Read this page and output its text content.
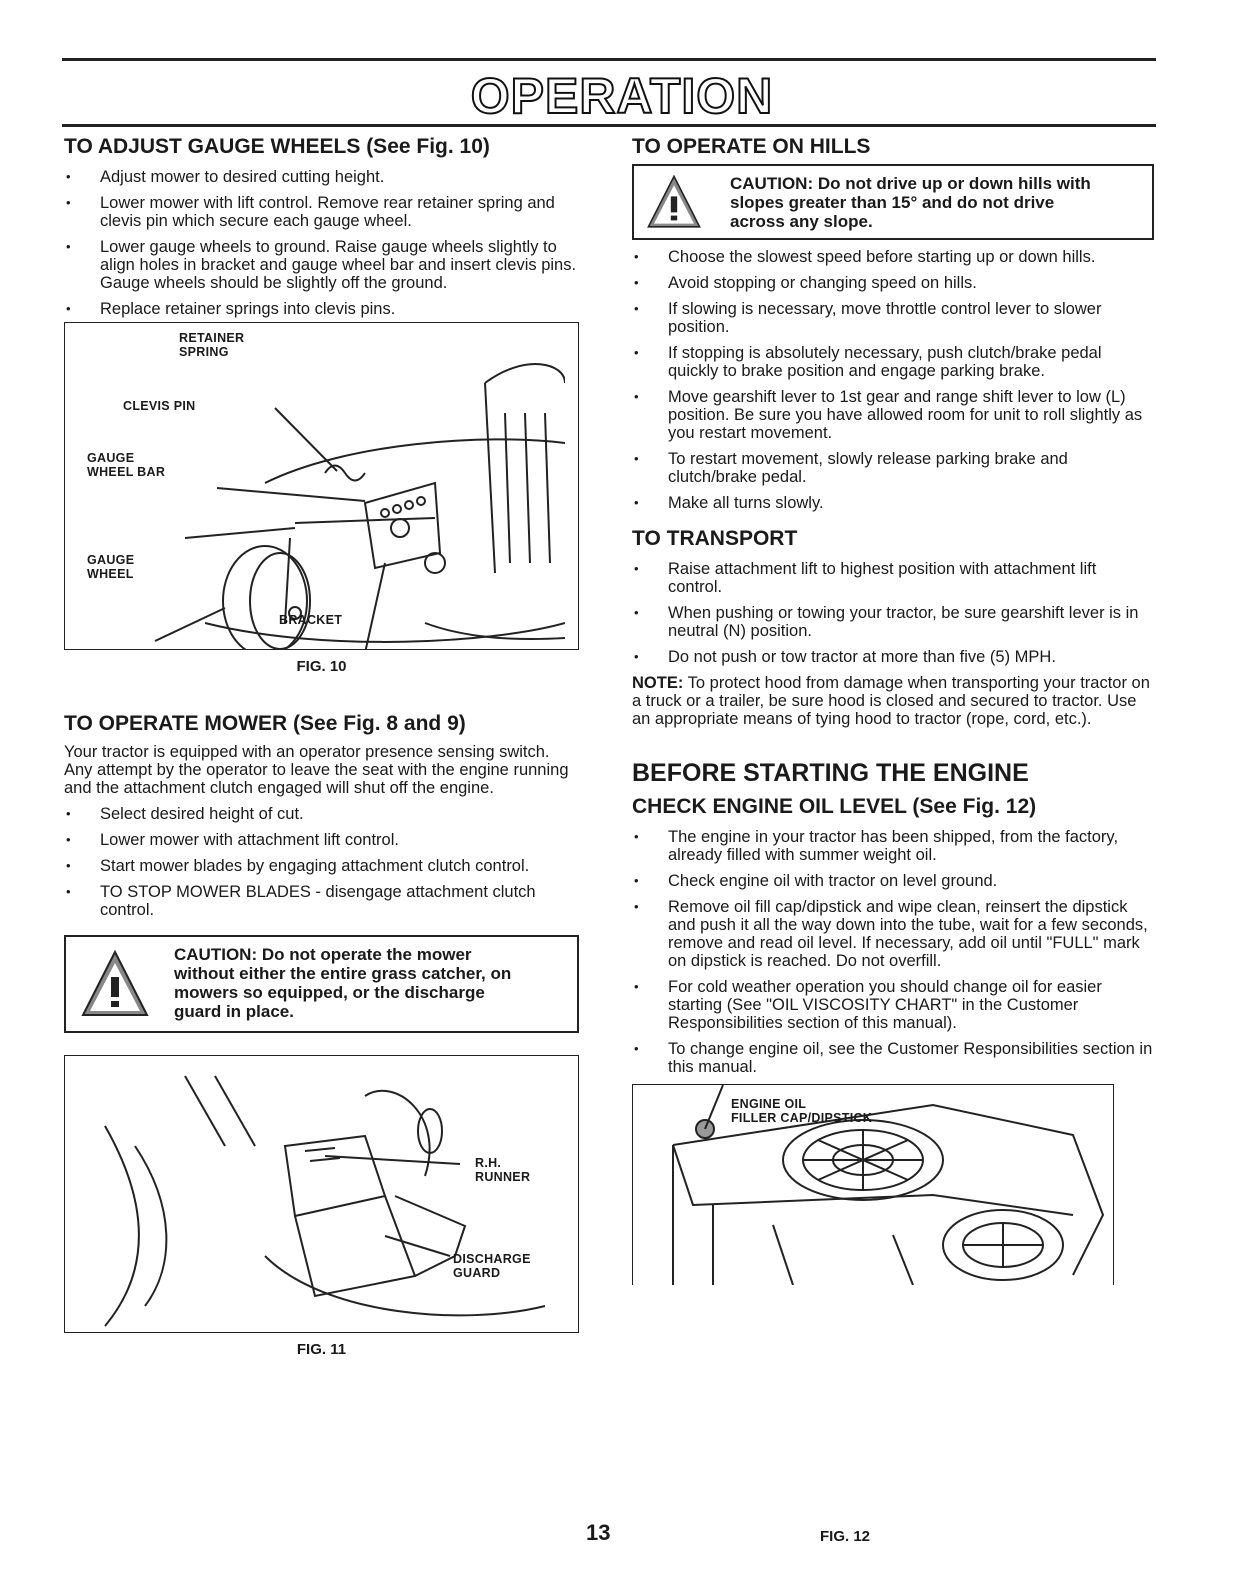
OPERATION
TO ADJUST GAUGE WHEELS (See Fig. 10)
• Adjust mower to desired cutting height.
• Lower mower with lift control. Remove rear retainer spring and clevis pin which secure each gauge wheel.
• Lower gauge wheels to ground. Raise gauge wheels slightly to align holes in bracket and gauge wheel bar and insert clevis pins. Gauge wheels should be slightly off the ground.
• Replace retainer springs into clevis pins.
RETAINER
SPRING
CLEVIS PIN
GAUGE
WHEEL BAR
GAUGE
WHEEL
BRACKET
FIG. 10
TO OPERATE MOWER (See Fig. 8 and 9)

Your tractor is equipped with an operator presence sensing switch. Any attempt by the operator to leave the seat with the engine running and the attachment clutch engaged will shut off the engine.

• Select desired height of cut.
• Lower mower with attachment lift control.
• Start mower blades by engaging attachment clutch control.
• TO STOP MOWER BLADES - disengage attachment clutch control.
CAUTION: Do not operate the mower without either the entire grass catcher, on mowers so equipped, or the discharge guard in place.
R.H.
RUNNER
DISCHARGE
GUARD
FIG. 11
TO OPERATE ON HILLS
CAUTION: Do not drive up or down hills with slopes greater than 15° and do not drive across any slope.
• Choose the slowest speed before starting up or down hills.
• Avoid stopping or changing speed on hills.
• If slowing is necessary, move throttle control lever to slower position.
• If stopping is absolutely necessary, push clutch/brake pedal quickly to brake position and engage parking brake.
• Move gearshift lever to 1st gear and range shift lever to low (L) position. Be sure you have allowed room for unit to roll slightly as you restart movement.
• To restart movement, slowly release parking brake and clutch/brake pedal.
• Make all turns slowly.
TO TRANSPORT
• Raise attachment lift to highest position with attachment lift control.
• When pushing or towing your tractor, be sure gearshift lever is in neutral (N) position.
• Do not push or tow tractor at more than five (5) MPH.

NOTE: To protect hood from damage when transporting your tractor on a truck or a trailer, be sure hood is closed and secured to tractor. Use an appropriate means of tying hood to tractor (rope, cord, etc.).

BEFORE STARTING THE ENGINE
CHECK ENGINE OIL LEVEL (See Fig. 12)
• The engine in your tractor has been shipped, from the factory, already filled with summer weight oil.
• Check engine oil with tractor on level ground.
• Remove oil fill cap/dipstick and wipe clean, reinsert the dipstick and push it all the way down into the tube, wait for a few seconds, remove and read oil level. If necessary, add oil until "FULL" mark on dipstick is reached. Do not overfill.
• For cold weather operation you should change oil for easier starting (See "OIL VISCOSITY CHART" in the Customer Responsibilities section of this manual).
• To change engine oil, see the Customer Responsibilities section in this manual.
ENGINE OIL
FILLER CAP/DIPSTICK
13	FIG. 12
